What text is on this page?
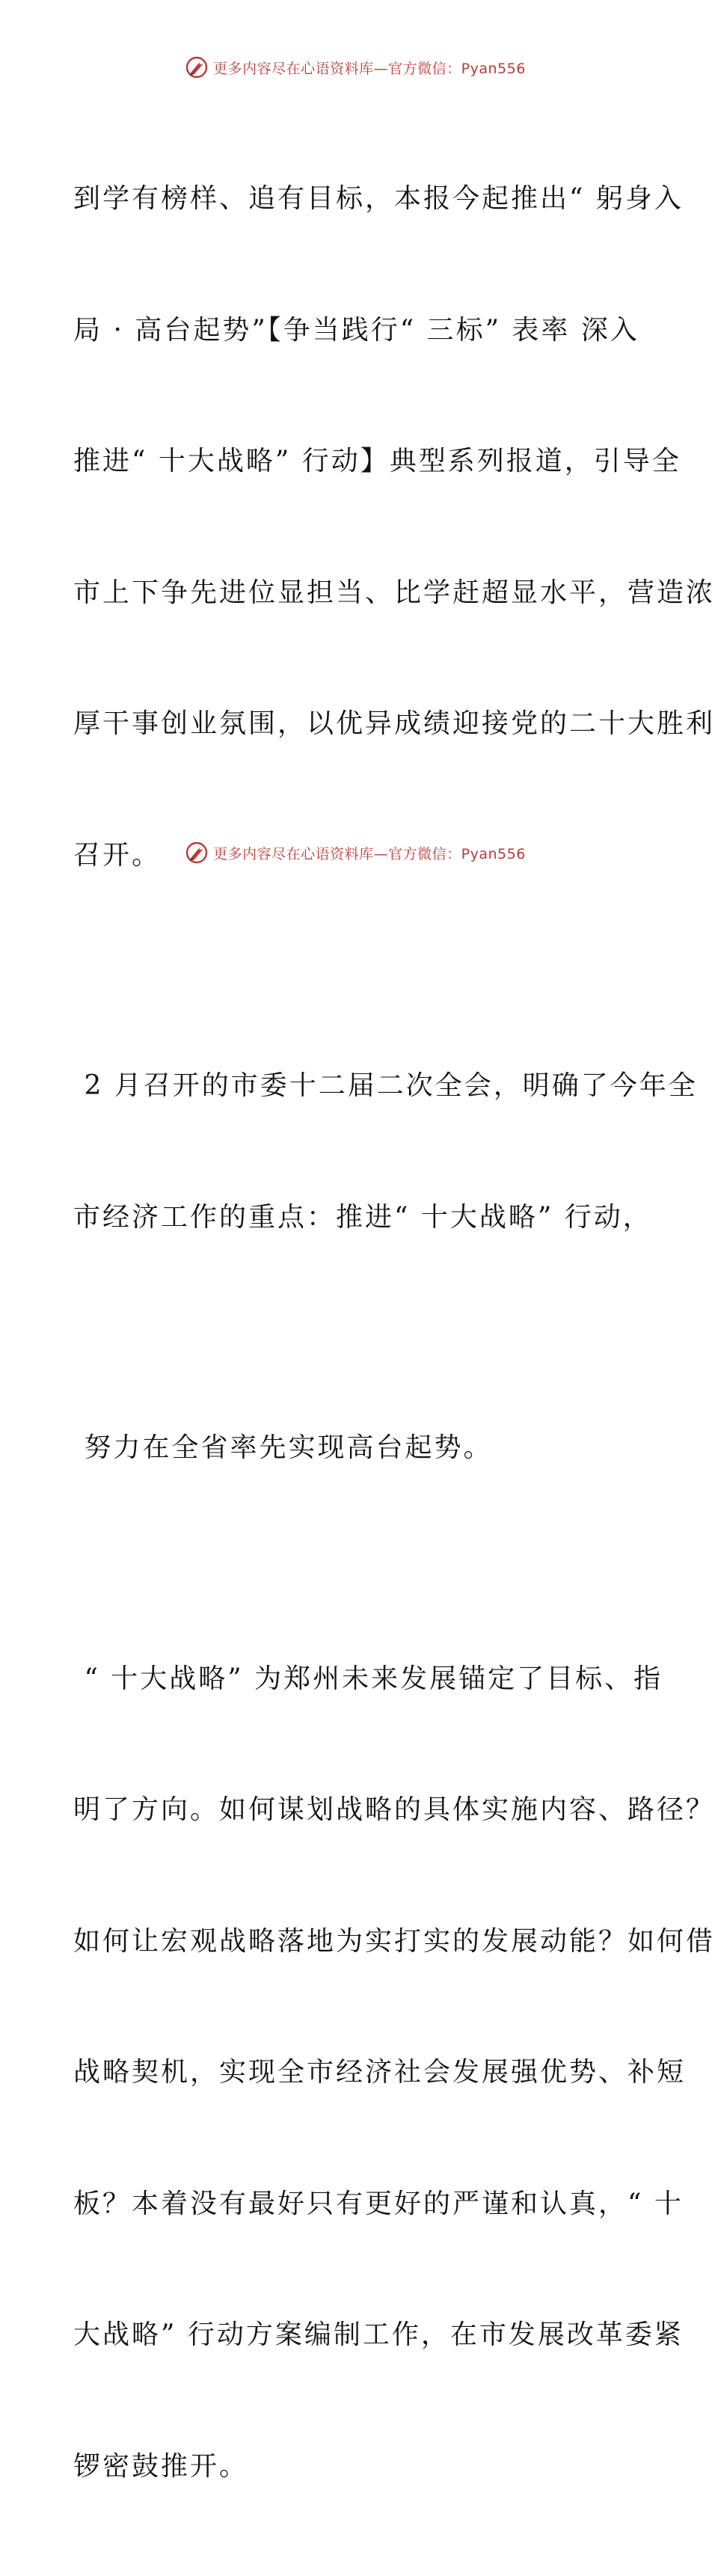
更多内容尽在心语资料库—官方微信：Pyan556

到学有榜样、追有目标，本报今起推出“ 躬身入

局 · 高台起势”【争当践行“ 三标” 表率 深入

推进“ 十大战略” 行动】典型系列报道，引导全

市上下争先进位显担当、比学赶超显水平，营造浓

厚干事创业氛围，以优异成绩迎接党的二十大胜利

召开。

2 月召开的市委十二届二次全会，明确了今年全

市经济工作的重点：推进“ 十大战略” 行动，

努力在全省率先实现高台起势。

“ 十大战略” 为郑州未来发展锚定了目标、指

明了方向。如何谋划战略的具体实施内容、路径？

如何让宏观战略落地为实打实的发展动能？如何借

战略契机，实现全市经济社会发展强优势、补短

板？本着没有最好只有更好的严谨和认真，“ 十

大战略” 行动方案编制工作，在市发展改革委紧

锣密鼓推开。

更多内容尽在心语资料库—官方微信：Pyan556
